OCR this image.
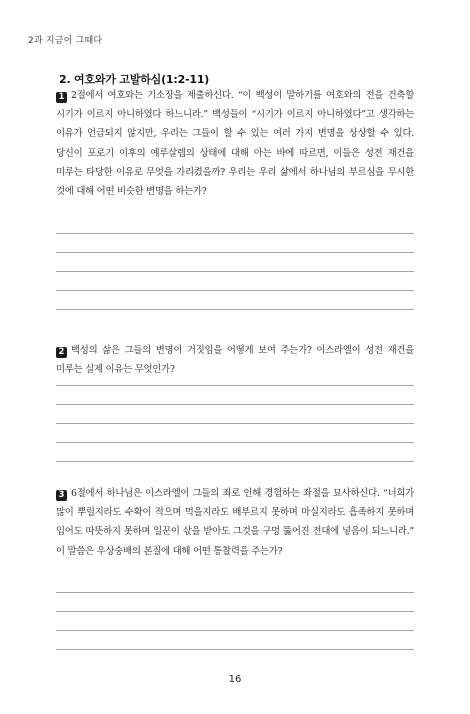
2과 지금이 그때다
2. 여호와가 고발하심(1:2-11)
1 2절에서 여호와는 기소장을 제출하신다. “이 백성이 말하기를 여호와의 전을 건축할 시기가 이르지 아니하였다 하느니라.” 백성들이 “시기가 이르지 아니하였다”고 생각하는 이유가 언급되지 않지만, 우리는 그들이 할 수 있는 여러 가지 변명을 상상할 수 있다. 당신이 포로기 이후의 예루살렘의 상태에 대해 아는 바에 따르면, 이들은 성전 재건을 미루는 타당한 이유로 무엇을 가리켰을까? 우리는 우리 삶에서 하나님의 부르심을 무시한 것에 대해 어떤 비슷한 변명을 하는가?
2 백성의 삶은 그들의 변명이 거짓임을 어떻게 보여 주는가? 이스라엘이 성전 재건을 미루는 실제 이유는 무엇인가?
3 6절에서 하나님은 이스라엘이 그들의 죄로 인해 경험하는 좌절을 묘사하신다. “너희가 많이 뿌릴지라도 수확이 적으며 먹을지라도 배부르지 못하며 마실지라도 흡족하지 못하며 입어도 따뜻하지 못하며 일꾼이 삯을 받아도 그것을 구멍 뚫어진 전대에 넣음이 되느니라.” 이 말씀은 우상숭배의 본질에 대해 어떤 통찰력을 주는가?
16
